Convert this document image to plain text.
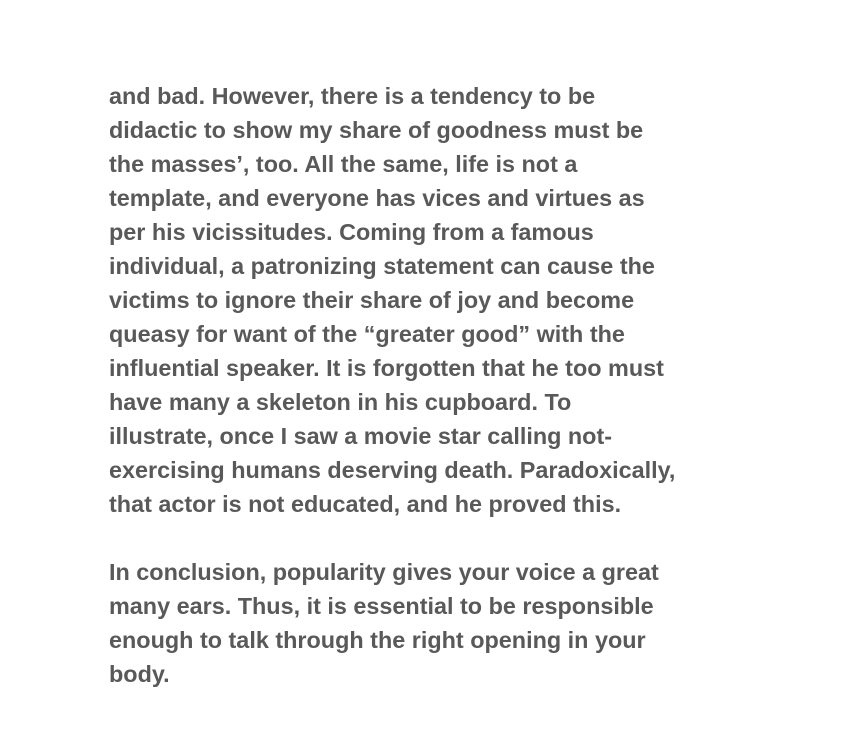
and bad. However, there is a tendency to be

didactic to show my share of goodness must be

the masses’, too. All the same, life is not a

template, and everyone has vices and virtues as

per his vicissitudes. Coming from a famous

individual, a patronizing statement can cause the

victims to ignore their share of joy and become

queasy for want of the “greater good” with the

influential speaker. It is forgotten that he too must

have many a skeleton in his cupboard. To

illustrate, once I saw a movie star calling not-

exercising humans deserving death. Paradoxically,

that actor is not educated, and he proved this.

In conclusion, popularity gives your voice a great

many ears. Thus, it is essential to be responsible

enough to talk through the right opening in your

body.
